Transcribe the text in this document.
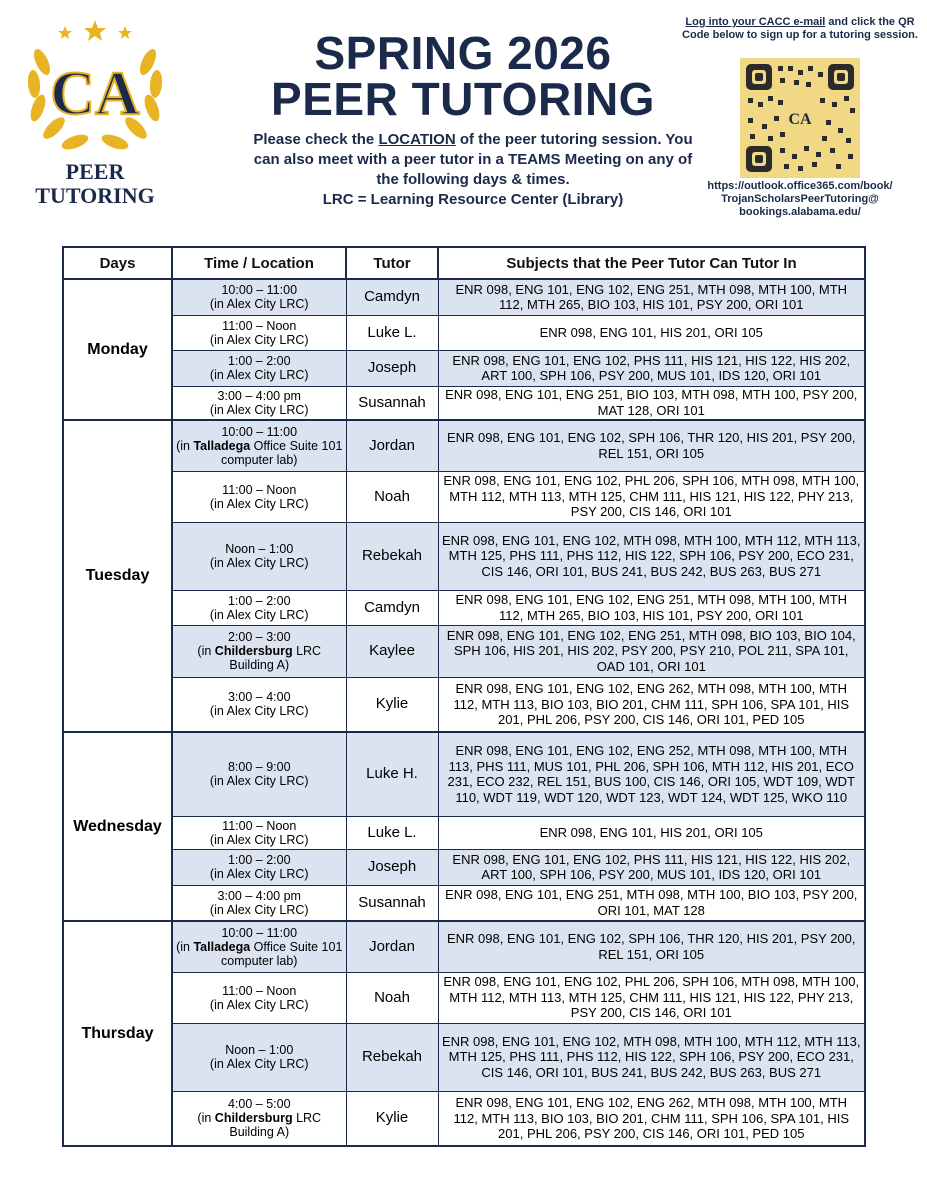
CA
PEER
TUTORING
SPRING 2026
PEER TUTORING
Please check the LOCATION of the peer tutoring session. You can also meet with a peer tutor in a TEAMS Meeting on any of the following days & times.
LRC = Learning Resource Center (Library)
Log into your CACC e-mail and click the QR Code below to sign up for a tutoring session.
CA
https://outlook.office365.com/book/
TrojanScholarsPeerTutoring@
bookings.alabama.edu/
Days	Time / Location	Tutor	Subjects that the Peer Tutor Can Tutor In
Monday	10:00 – 11:00
(in Alex City LRC)	Camdyn	ENR 098, ENG 101, ENG 102, ENG 251, MTH 098, MTH 100, MTH 112, MTH 265, BIO 103, HIS 101, PSY 200, ORI 101

	11:00 – Noon
(in Alex City LRC)	Luke L.	ENR 098, ENG 101, HIS 201, ORI 105

	1:00 – 2:00
(in Alex City LRC)	Joseph	ENR 098, ENG 101, ENG 102, PHS 111, HIS 121, HIS 122, HIS 202, ART 100, SPH 106, PSY 200, MUS 101, IDS 120, ORI 101

	3:00 – 4:00 pm
(in Alex City LRC)	Susannah	ENR 098, ENG 101, ENG 251, BIO 103, MTH 098, MTH 100, PSY 200, MAT 128, ORI 101
Tuesday	10:00 – 11:00
(in Talladega Office Suite 101 computer lab)	Jordan	ENR 098, ENG 101, ENG 102, SPH 106, THR 120, HIS 201, PSY 200, REL 151, ORI 105

	11:00 – Noon
(in Alex City LRC)	Noah	ENR 098, ENG 101, ENG 102, PHL 206, SPH 106, MTH 098, MTH 100, MTH 112, MTH 113, MTH 125, CHM 111, HIS 121, HIS 122, PHY 213, PSY 200, CIS 146, ORI 101

	Noon – 1:00
(in Alex City LRC)	Rebekah	ENR 098, ENG 101, ENG 102, MTH 098, MTH 100, MTH 112, MTH 113, MTH 125, PHS 111, PHS 112, HIS 122, SPH 106, PSY 200, ECO 231, CIS 146, ORI 101, BUS 241, BUS 242, BUS 263, BUS 271

	1:00 – 2:00
(in Alex City LRC)	Camdyn	ENR 098, ENG 101, ENG 102, ENG 251, MTH 098, MTH 100, MTH 112, MTH 265, BIO 103, HIS 101, PSY 200, ORI 101

	2:00 – 3:00
(in Childersburg LRC Building A)	Kaylee	ENR 098, ENG 101, ENG 102, ENG 251, MTH 098, BIO 103, BIO 104, SPH 106, HIS 201, HIS 202, PSY 200, PSY 210, POL 211, SPA 101, OAD 101, ORI 101

	3:00 – 4:00
(in Alex City LRC)	Kylie	ENR 098, ENG 101, ENG 102, ENG 262, MTH 098, MTH 100, MTH 112, MTH 113, BIO 103, BIO 201, CHM 111, SPH 106, SPA 101, HIS 201, PHL 206, PSY 200, CIS 146, ORI 101, PED 105
Wednesday	8:00 – 9:00
(in Alex City LRC)	Luke H.	ENR 098, ENG 101, ENG 102, ENG 252, MTH 098, MTH 100, MTH 113, PHS 111, MUS 101, PHL 206, SPH 106, MTH 112, HIS 201, ECO 231, ECO 232, REL 151, BUS 100, CIS 146, ORI 105, WDT 109, WDT 110, WDT 119, WDT 120, WDT 123, WDT 124, WDT 125, WKO 110

	11:00 – Noon
(in Alex City LRC)	Luke L.	ENR 098, ENG 101, HIS 201, ORI 105

	1:00 – 2:00
(in Alex City LRC)	Joseph	ENR 098, ENG 101, ENG 102, PHS 111, HIS 121, HIS 122, HIS 202, ART 100, SPH 106, PSY 200, MUS 101, IDS 120, ORI 101

	3:00 – 4:00 pm
(in Alex City LRC)	Susannah	ENR 098, ENG 101, ENG 251, MTH 098, MTH 100, BIO 103, PSY 200, ORI 101, MAT 128
Thursday	10:00 – 11:00
(in Talladega Office Suite 101 computer lab)	Jordan	ENR 098, ENG 101, ENG 102, SPH 106, THR 120, HIS 201, PSY 200, REL 151, ORI 105

	11:00 – Noon
(in Alex City LRC)	Noah	ENR 098, ENG 101, ENG 102, PHL 206, SPH 106, MTH 098, MTH 100, MTH 112, MTH 113, MTH 125, CHM 111, HIS 121, HIS 122, PHY 213, PSY 200, CIS 146, ORI 101

	Noon – 1:00
(in Alex City LRC)	Rebekah	ENR 098, ENG 101, ENG 102, MTH 098, MTH 100, MTH 112, MTH 113, MTH 125, PHS 111, PHS 112, HIS 122, SPH 106, PSY 200, ECO 231, CIS 146, ORI 101, BUS 241, BUS 242, BUS 263, BUS 271

	4:00 – 5:00
(in Childersburg LRC Building A)	Kylie	ENR 098, ENG 101, ENG 102, ENG 262, MTH 098, MTH 100, MTH 112, MTH 113, BIO 103, BIO 201, CHM 111, SPH 106, SPA 101, HIS 201, PHL 206, PSY 200, CIS 146, ORI 101, PED 105
